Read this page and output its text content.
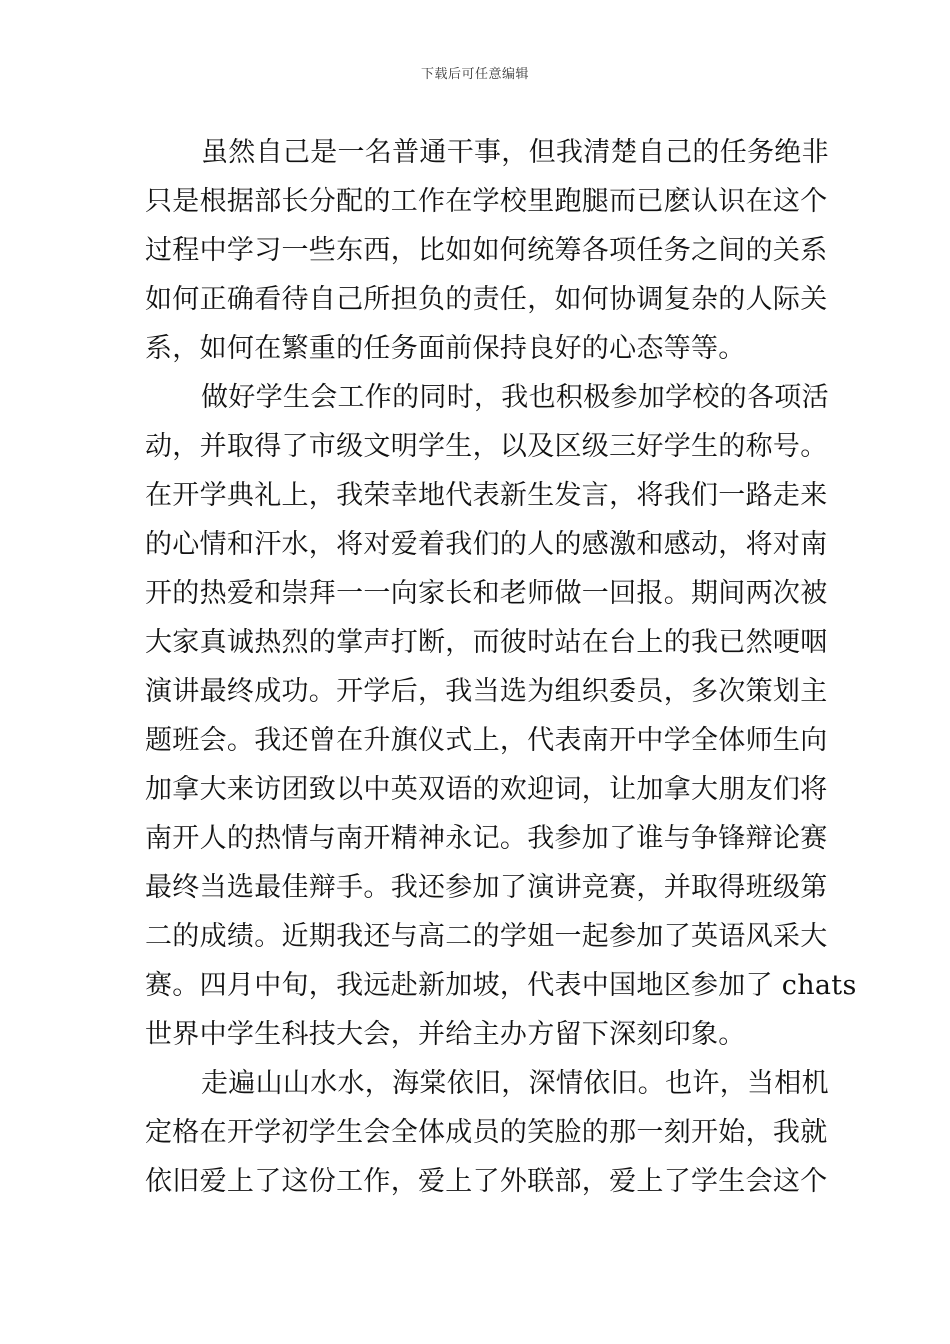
下载后可任意编辑
虽然自己是一名普通干事，但我清楚自己的任务绝非
只是根据部长分配的工作在学校里跑腿而已麽认识在这个
过程中学习一些东西，比如如何统筹各项任务之间的关系
如何正确看待自己所担负的责任，如何协调复杂的人际关
系，如何在繁重的任务面前保持良好的心态等等。
做好学生会工作的同时，我也积极参加学校的各项活
动，并取得了市级文明学生，以及区级三好学生的称号。
在开学典礼上，我荣幸地代表新生发言，将我们一路走来
的心情和汗水，将对爱着我们的人的感激和感动，将对南
开的热爱和崇拜一一向家长和老师做一回报。期间两次被
大家真诚热烈的掌声打断，而彼时站在台上的我已然哽咽
演讲最终成功。开学后，我当选为组织委员，多次策划主
题班会。我还曾在升旗仪式上，代表南开中学全体师生向
加拿大来访团致以中英双语的欢迎词，让加拿大朋友们将
南开人的热情与南开精神永记。我参加了谁与争锋辩论赛
最终当选最佳辩手。我还参加了演讲竞赛，并取得班级第
二的成绩。近期我还与高二的学姐一起参加了英语风采大
赛。四月中旬，我远赴新加坡，代表中国地区参加了 chats
世界中学生科技大会，并给主办方留下深刻印象。
走遍山山水水，海棠依旧，深情依旧。也许，当相机
定格在开学初学生会全体成员的笑脸的那一刻开始，我就
依旧爱上了这份工作，爱上了外联部，爱上了学生会这个
